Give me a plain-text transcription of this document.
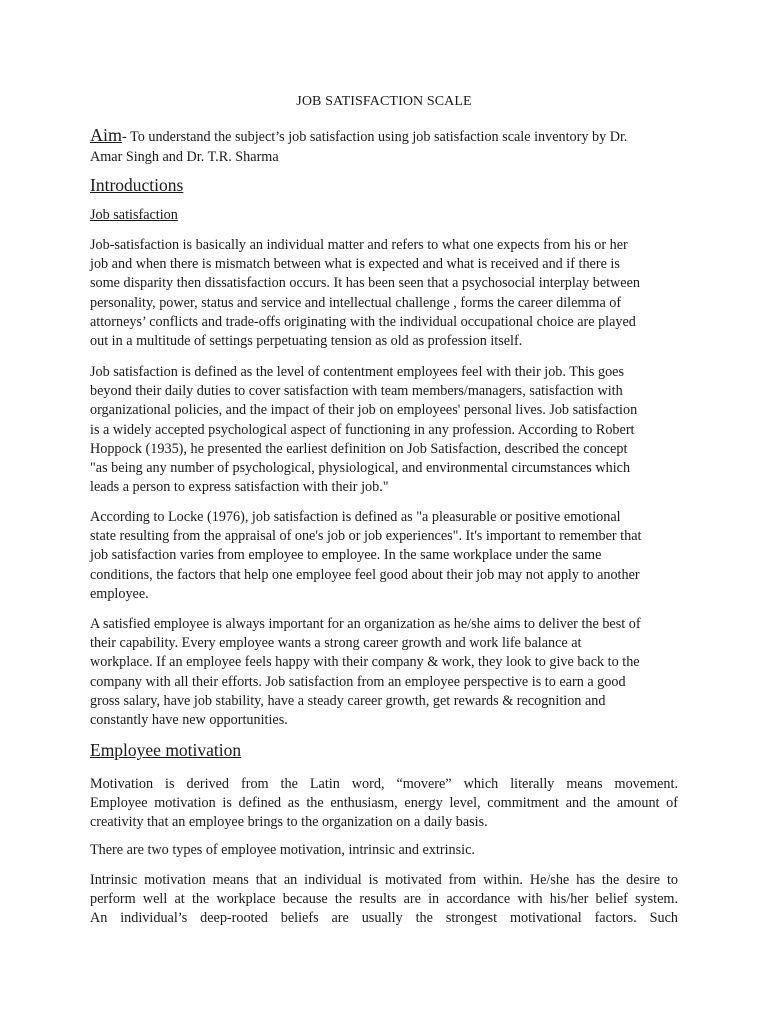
JOB SATISFACTION SCALE
Aim- To understand the subject’s job satisfaction using job satisfaction scale inventory by Dr.
Amar Singh and Dr. T.R. Sharma
Introductions
Job satisfaction
Job-satisfaction is basically an individual matter and refers to what one expects from his or her
job and when there is mismatch between what is expected and what is received and if there is
some disparity then dissatisfaction occurs. It has been seen that a psychosocial interplay between
personality, power, status and service and intellectual challenge , forms the career dilemma of
attorneys’ conflicts and trade-offs originating with the individual occupational choice are played
out in a multitude of settings perpetuating tension as old as profession itself.
Job satisfaction is defined as the level of contentment employees feel with their job. This goes
beyond their daily duties to cover satisfaction with team members/managers, satisfaction with
organizational policies, and the impact of their job on employees' personal lives. Job satisfaction
is a widely accepted psychological aspect of functioning in any profession. According to Robert
Hoppock (1935), he presented the earliest definition on Job Satisfaction, described the concept
"as being any number of psychological, physiological, and environmental circumstances which
leads a person to express satisfaction with their job."
According to Locke (1976), job satisfaction is defined as "a pleasurable or positive emotional
state resulting from the appraisal of one's job or job experiences". It's important to remember that
job satisfaction varies from employee to employee. In the same workplace under the same
conditions, the factors that help one employee feel good about their job may not apply to another
employee.
A satisfied employee is always important for an organization as he/she aims to deliver the best of
their capability. Every employee wants a strong career growth and work life balance at
workplace. If an employee feels happy with their company & work, they look to give back to the
company with all their efforts. Job satisfaction from an employee perspective is to earn a good
gross salary, have job stability, have a steady career growth, get rewards & recognition and
constantly have new opportunities.
Employee motivation
Motivation is derived from the Latin word, “movere” which literally means movement.
Employee motivation is defined as the enthusiasm, energy level, commitment and the amount of
creativity that an employee brings to the organization on a daily basis.
There are two types of employee motivation, intrinsic and extrinsic.
Intrinsic motivation means that an individual is motivated from within. He/she has the desire to
perform well at the workplace because the results are in accordance with his/her belief system.
An individual’s deep-rooted beliefs are usually the strongest motivational factors. Such
